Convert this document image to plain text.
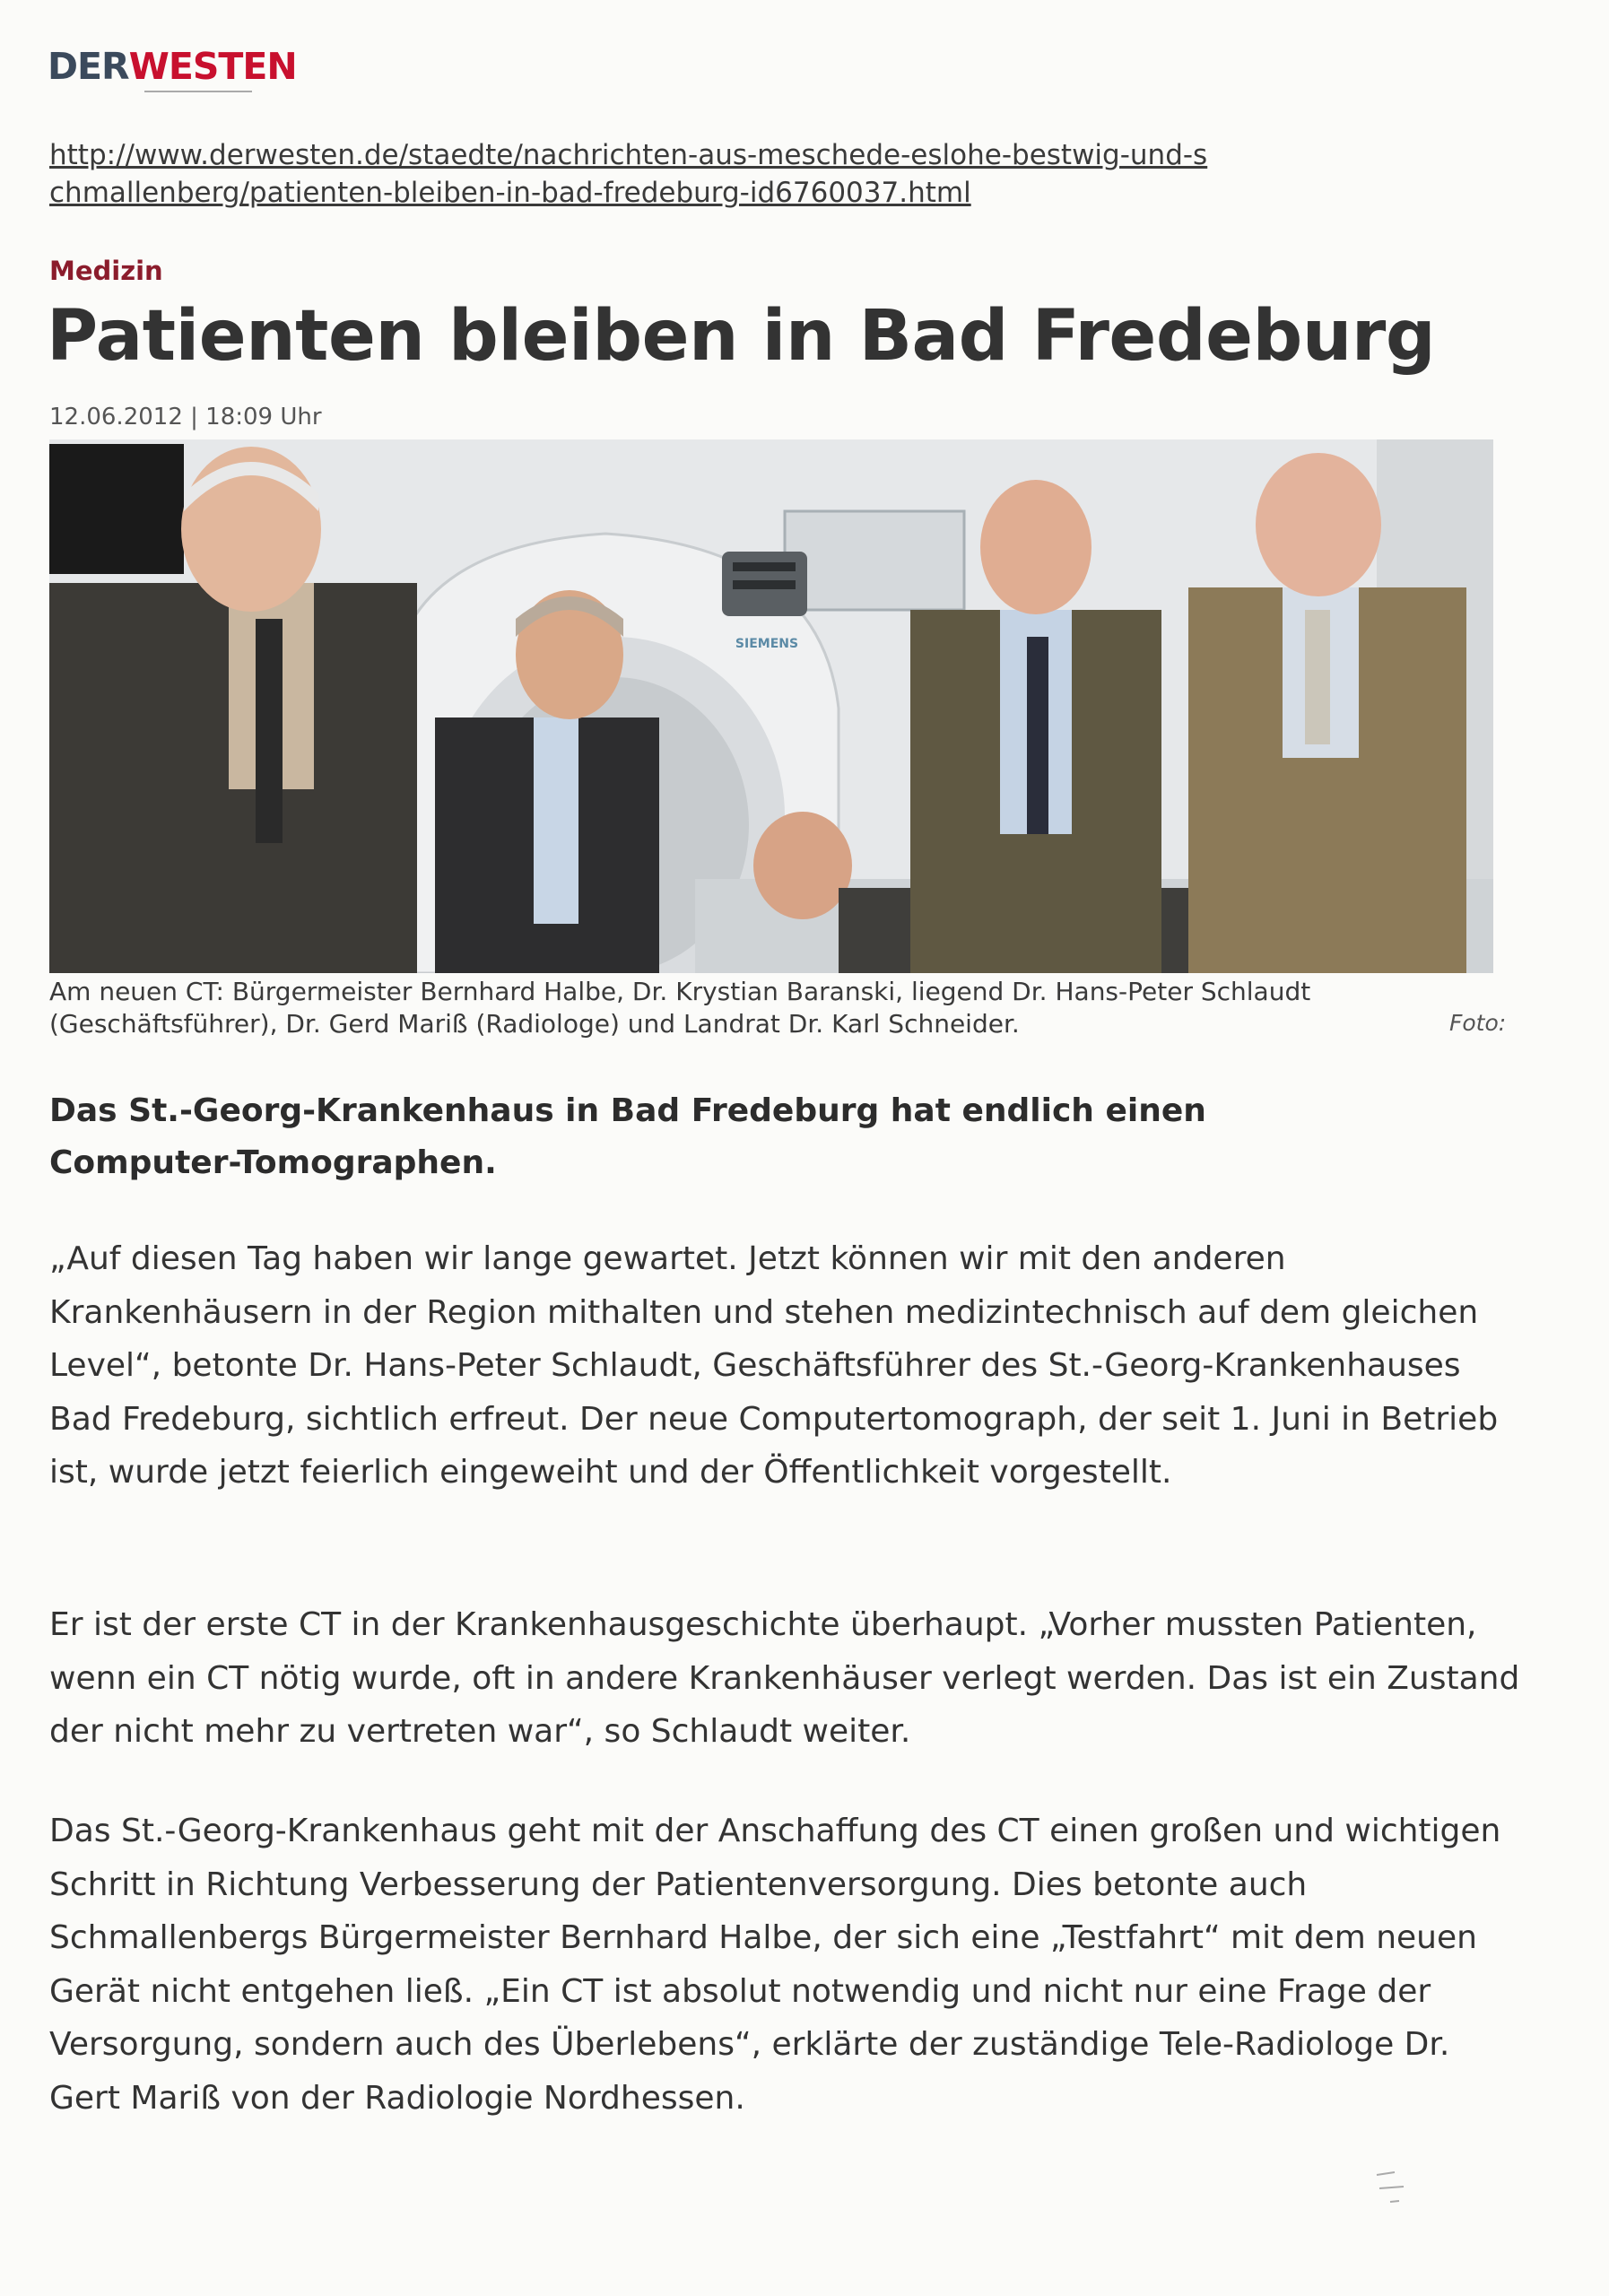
DERWESTEN
http://www.derwesten.de/staedte/nachrichten-aus-meschede-eslohe-bestwig-und-schmallenberg/patienten-bleiben-in-bad-fredeburg-id6760037.html
Medizin
Patienten bleiben in Bad Fredeburg
12.06.2012 | 18:09 Uhr
SIEMENS
Am neuen CT: Bürgermeister Bernhard Halbe, Dr. Krystian Baranski, liegend Dr. Hans-Peter Schlaudt (Geschäftsführer), Dr. Gerd Mariß (Radiologe) und Landrat Dr. Karl Schneider.	Foto:
Das St.-Georg-Krankenhaus in Bad Fredeburg hat endlich einen Computer-Tomographen.
„Auf diesen Tag haben wir lange gewartet. Jetzt können wir mit den anderen Krankenhäusern in der Region mithalten und stehen medizintechnisch auf dem gleichen Level“, betonte Dr. Hans-Peter Schlaudt, Geschäftsführer des St.-Georg-Krankenhauses Bad Fredeburg, sichtlich erfreut. Der neue Computertomograph, der seit 1. Juni in Betrieb ist, wurde jetzt feierlich eingeweiht und der Öffentlichkeit vorgestellt.
Er ist der erste CT in der Krankenhausgeschichte überhaupt. „Vorher mussten Patienten, wenn ein CT nötig wurde, oft in andere Krankenhäuser verlegt werden. Das ist ein Zustand der nicht mehr zu vertreten war“, so Schlaudt weiter.
Das St.-Georg-Krankenhaus geht mit der Anschaffung des CT einen großen und wichtigen Schritt in Richtung Verbesserung der Patientenversorgung. Dies betonte auch Schmallenbergs Bürgermeister Bernhard Halbe, der sich eine „Testfahrt“ mit dem neuen Gerät nicht entgehen ließ. „Ein CT ist absolut notwendig und nicht nur eine Frage der Versorgung, sondern auch des Überlebens“, erklärte der zuständige Tele-Radiologe Dr. Gert Mariß von der Radiologie Nordhessen.
